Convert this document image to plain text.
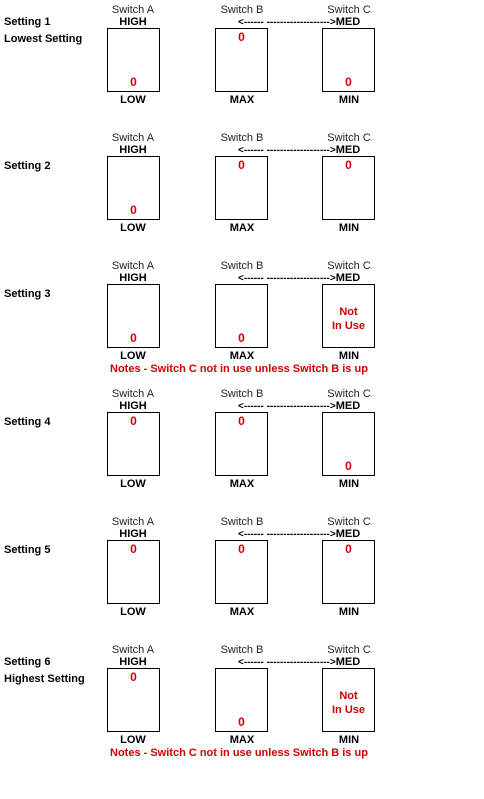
Setting 1
Lowest Setting
Switch A
HIGH
0
LOW
Switch B
0
MAX
Switch C
0
MIN
<------ ------------------->MED
Setting 2
Switch A
HIGH
0
LOW
Switch B
0
MAX
Switch C
0
MIN
<------ ------------------->MED
Setting 3
Switch A
HIGH
0
LOW
Switch B
0
MAX
Switch C
Not
In Use
MIN
<------ ------------------->MED
Notes - Switch C not in use unless Switch B is up
Setting 4
Switch A
HIGH
0
LOW
Switch B
0
MAX
Switch C
0
MIN
<------ ------------------->MED
Setting 5
Switch A
HIGH
0
LOW
Switch B
0
MAX
Switch C
0
MIN
<------ ------------------->MED
Setting 6
Highest Setting
Switch A
HIGH
0
LOW
Switch B
0
MAX
Switch C
Not
In Use
MIN
<------ ------------------->MED
Notes - Switch C not in use unless Switch B is up
